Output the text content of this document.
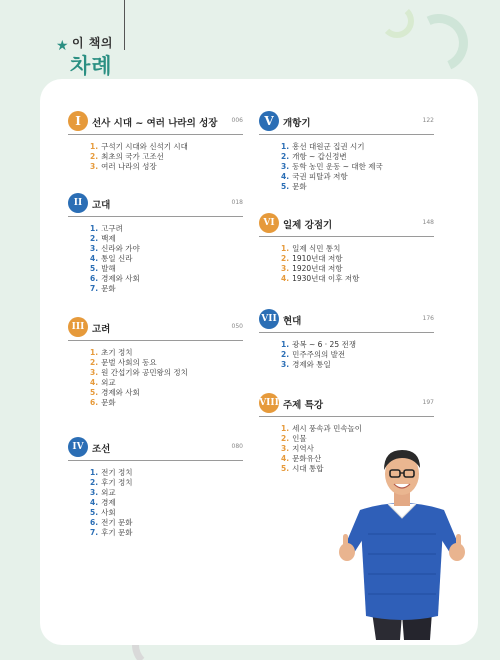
★ 이 책의
차례
I	선사 시대 ~ 여러 나라의 성장 006
1. 구석기 시대와 신석기 시대
2. 최초의 국가 고조선
3. 여러 나라의 성장
II	고대	018
1. 고구려
2. 백제
3. 신라와 가야
4. 통일 신라
5. 발해
6. 경제와 사회
7. 문화
III 고려	050
1. 초기 정치
2. 문벌 사회의 동요
3. 원 간섭기와 공민왕의 정치
4. 외교
5. 경제와 사회
6. 문화
IV 조선	080
1. 전기 정치
2. 후기 정치
3. 외교
4. 경제
5. 사회
6. 전기 문화
7. 후기 문화
V 개항기	122
1. 흥선 대원군 집권 시기
2. 개항 ~ 갑신정변
3. 동학 농민 운동 ~ 대한 제국
4. 국권 피탈과 저항
5. 문화
VI 일제 강점기	148
1. 일제 식민 통치
2. 1910년대 저항
3. 1920년대 저항
4. 1930년대 이후 저항
VII 현대	176
1. 광복 ~ 6 · 25 전쟁
2. 민주주의의 발전
3. 경제와 통일
VIII 주제 특강	197
1. 세시 풍속과 민속놀이
2. 인물
3. 지역사
4. 문화유산
5. 시대 통합
